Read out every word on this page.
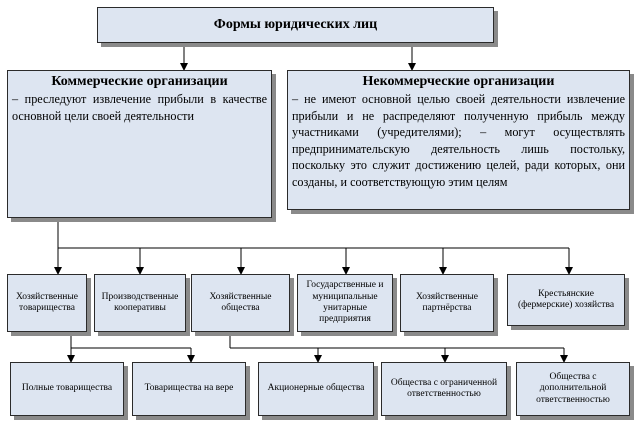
Формы юридических лиц
Коммерческие организации
– преследуют извлечение прибыли в качестве основной цели своей деятельности
Некоммерческие организации
– не имеют основной целью своей деятельности извлечение прибыли и не распределяют полученную прибыль между участниками (учредителями); – могут осуществлять предпринимательскую деятельность лишь постольку, поскольку это служит достижению целей, ради которых, они созданы, и соответствующую этим целям
Хозяйственные товарищества
Производственные кооперативы
Хозяйственные общества
Государственные и муниципальные унитарные предприятия
Хозяйственные партнёрства
Крестьянские (фермерские) хозяйства
Полные товарищества	Товарищества на вере	Акционерные общества
Общества с ограниченной ответственностью
Общества с дополнительной ответственностью
